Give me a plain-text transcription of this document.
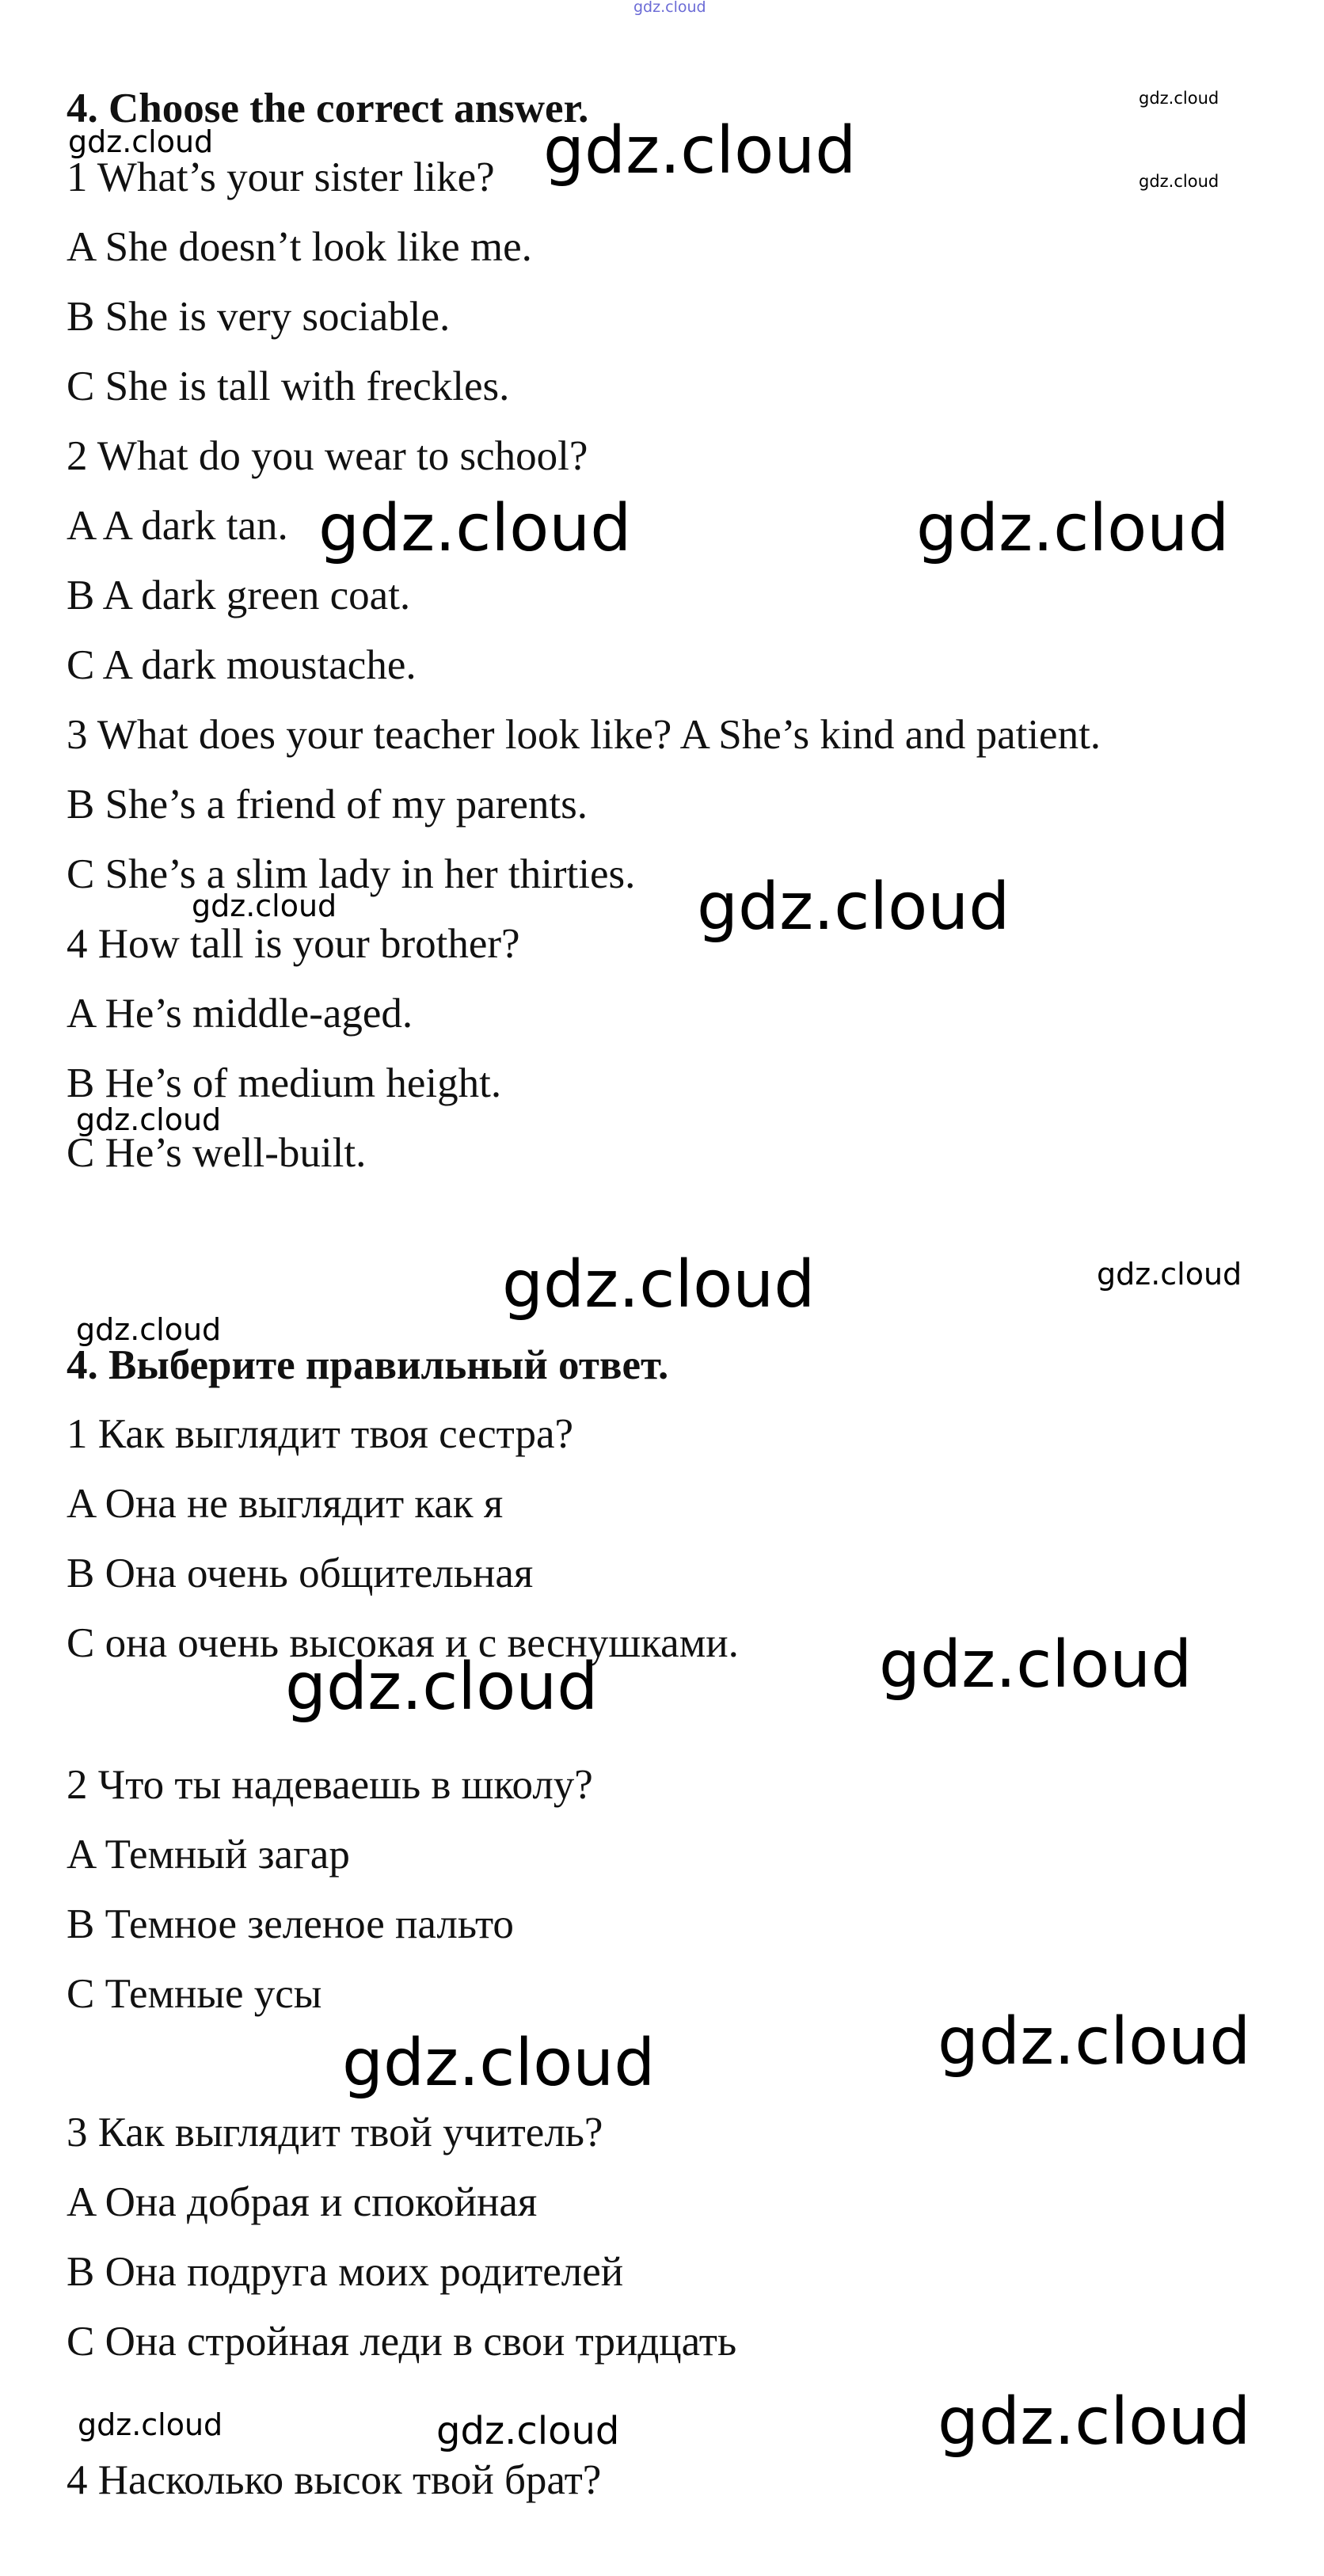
gdz.cloud
4. Choose the correct answer.
1 What’s your sister like?
A She doesn’t look like me.
B She is very sociable.
C She is tall with freckles.
2 What do you wear to school?
A A dark tan.
B A dark green coat.
C A dark moustache.
3 What does your teacher look like? A She’s kind and patient.
B She’s a friend of my parents.
C She’s a slim lady in her thirties.
4 How tall is your brother?
A He’s middle-aged.
B He’s of medium height.
C He’s well-built.
4. Выберите правильный ответ.
1 Как выглядит твоя сестра?
A Она не выглядит как я
B Она очень общительная
C она очень высокая и с веснушками.
2 Что ты надеваешь в школу?
A Темный загар
B Темное зеленое пальто
C Темные усы
3 Как выглядит твой учитель?
A Она добрая и спокойная
B Она подруга моих родителей
C Она стройная леди в свои тридцать
4 Насколько высок твой брат?
gdz.cloud
gdz.cloud	gdz.cloud	gdz.cloud
gdz.cloud	gdz.cloud
gdz.cloud	gdz.cloud
gdz.cloud
gdz.cloud	gdz.cloud
gdz.cloud
gdz.cloud
gdz.cloud
gdz.cloud
gdz.cloud
gdz.cloud	gdz.cloud
gdz.cloud
